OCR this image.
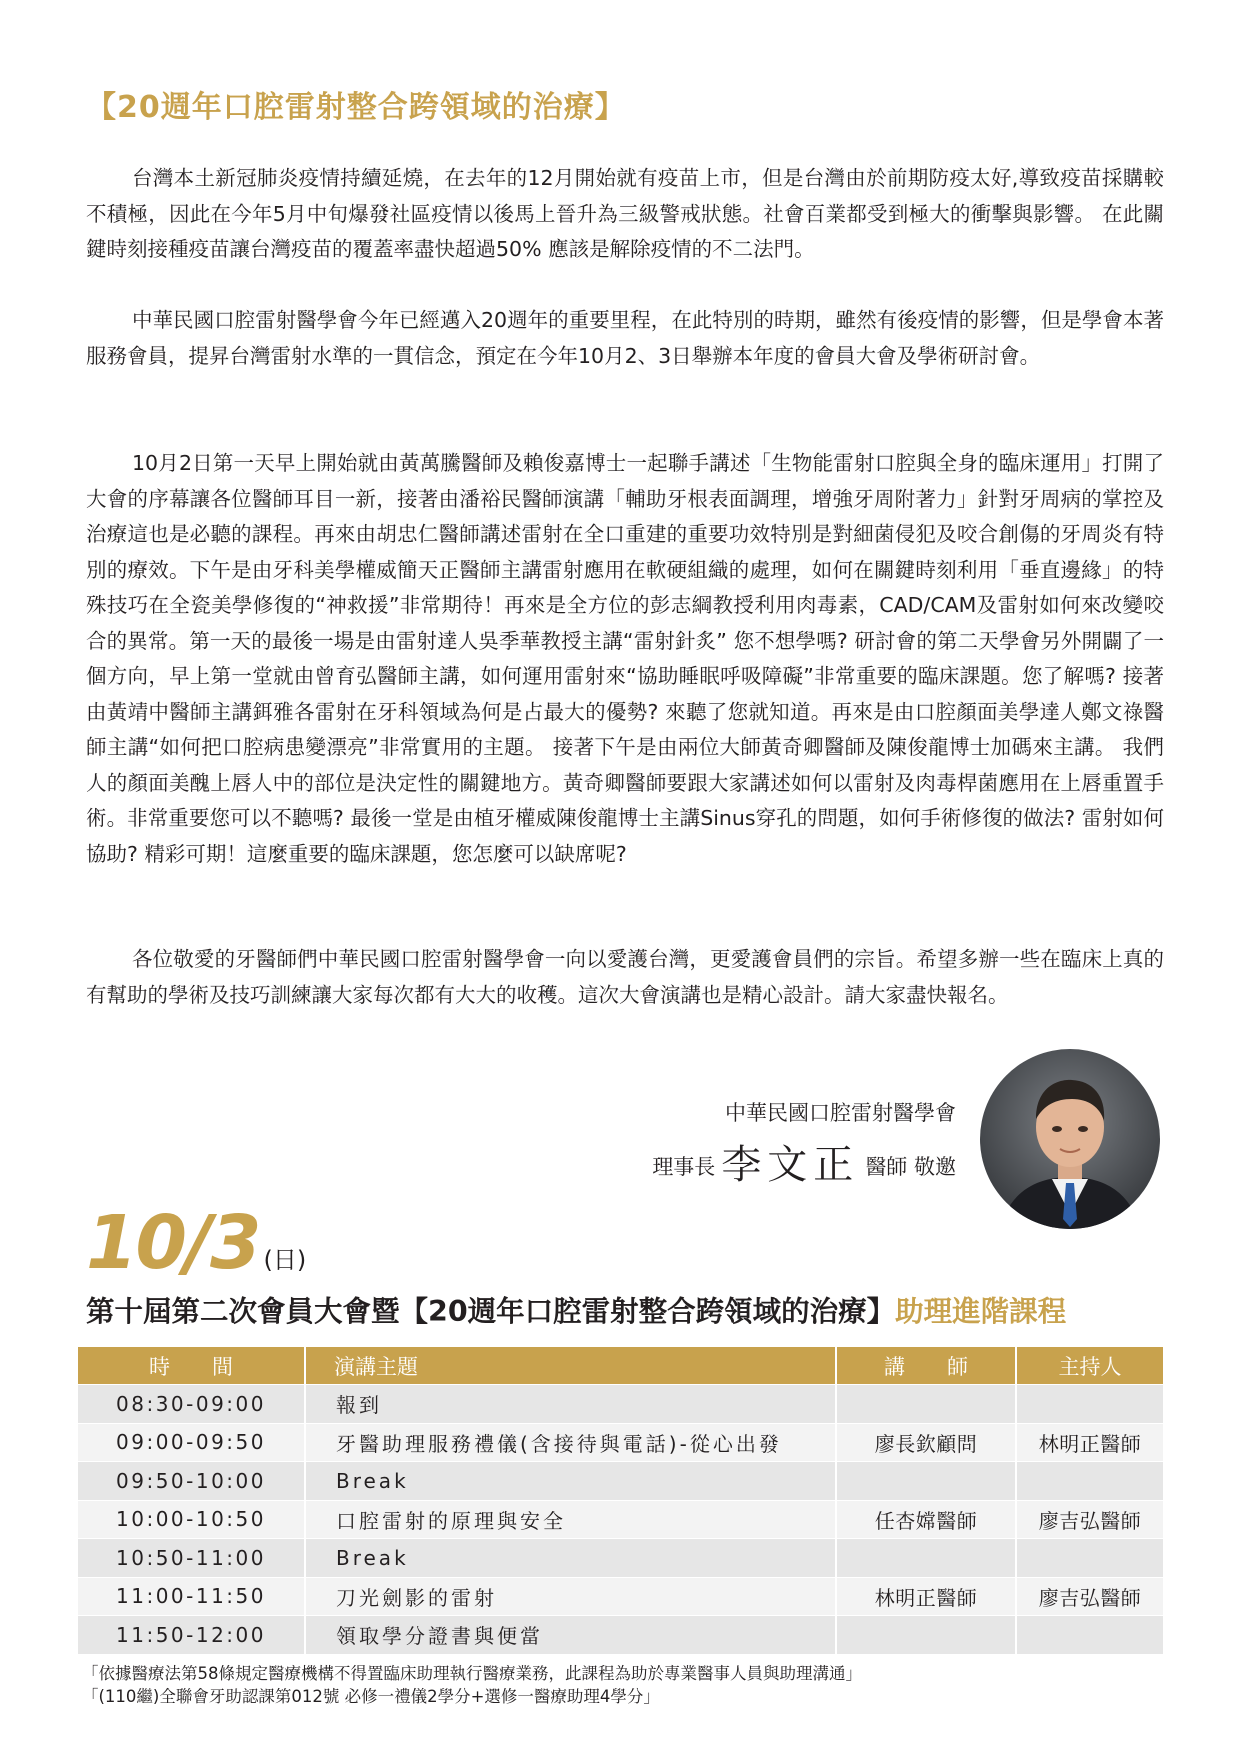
【20週年口腔雷射整合跨領域的治療】

台灣本土新冠肺炎疫情持續延燒，在去年的12月開始就有疫苗上市，但是台灣由於前期防疫太好,導致疫苗採購較不積極，因此在今年5月中旬爆發社區疫情以後馬上晉升為三級警戒狀態。社會百業都受到極大的衝擊與影響。 在此關鍵時刻接種疫苗讓台灣疫苗的覆蓋率盡快超過50% 應該是解除疫情的不二法門。

中華民國口腔雷射醫學會今年已經邁入20週年的重要里程，在此特別的時期，雖然有後疫情的影響，但是學會本著服務會員，提昇台灣雷射水準的一貫信念，預定在今年10月2、3日舉辦本年度的會員大會及學術研討會。

10月2日第一天早上開始就由黃萬騰醫師及賴俊嘉博士一起聯手講述「生物能雷射口腔與全身的臨床運用」打開了大會的序幕讓各位醫師耳目一新，接著由潘裕民醫師演講「輔助牙根表面調理，增強牙周附著力」針對牙周病的掌控及治療這也是必聽的課程。再來由胡忠仁醫師講述雷射在全口重建的重要功效特別是對細菌侵犯及咬合創傷的牙周炎有特別的療效。下午是由牙科美學權威簡天正醫師主講雷射應用在軟硬組織的處理，如何在關鍵時刻利用「垂直邊緣」的特殊技巧在全瓷美學修復的“神救援”非常期待！再來是全方位的彭志綱教授利用肉毒素，CAD/CAM及雷射如何來改變咬合的異常。第一天的最後一場是由雷射達人吳季華教授主講“雷射針炙” 您不想學嗎? 研討會的第二天學會另外開闢了一個方向，早上第一堂就由曾育弘醫師主講，如何運用雷射來“協助睡眠呼吸障礙”非常重要的臨床課題。您了解嗎? 接著由黃靖中醫師主講鉺雅各雷射在牙科領域為何是占最大的優勢? 來聽了您就知道。再來是由口腔顏面美學達人鄭文祿醫師主講“如何把口腔病患變漂亮”非常實用的主題。 接著下午是由兩位大師黃奇卿醫師及陳俊龍博士加碼來主講。 我們人的顏面美醜上唇人中的部位是決定性的關鍵地方。黃奇卿醫師要跟大家講述如何以雷射及肉毒桿菌應用在上唇重置手術。非常重要您可以不聽嗎? 最後一堂是由植牙權威陳俊龍博士主講Sinus穿孔的問題，如何手術修復的做法? 雷射如何協助? 精彩可期！這麼重要的臨床課題，您怎麼可以缺席呢?

各位敬愛的牙醫師們中華民國口腔雷射醫學會一向以愛護台灣，更愛護會員們的宗旨。希望多辦一些在臨床上真的有幫助的學術及技巧訓練讓大家每次都有大大的收穫。這次大會演講也是精心設計。請大家盡快報名。

中華民國口腔雷射醫學會
理事長 李文正 醫師 敬邀
10/3 (日)
第十屆第二次會員大會暨【20週年口腔雷射整合跨領域的治療】助理進階課程
時　　間	演講主題	講　　師	主持人
08:30-09:00	報到		
09:00-09:50	牙醫助理服務禮儀(含接待與電話)-從心出發	廖長欽顧問	林明正醫師
09:50-10:00	Break		
10:00-10:50	口腔雷射的原理與安全	任杏嫦醫師	廖吉弘醫師
10:50-11:00	Break		
11:00-11:50	刀光劍影的雷射	林明正醫師	廖吉弘醫師
11:50-12:00	領取學分證書與便當		

「依據醫療法第58條規定醫療機構不得置臨床助理執行醫療業務，此課程為助於專業醫事人員與助理溝通」

「(110繼)全聯會牙助認課第012號 必修一禮儀2學分+選修一醫療助理4學分」
